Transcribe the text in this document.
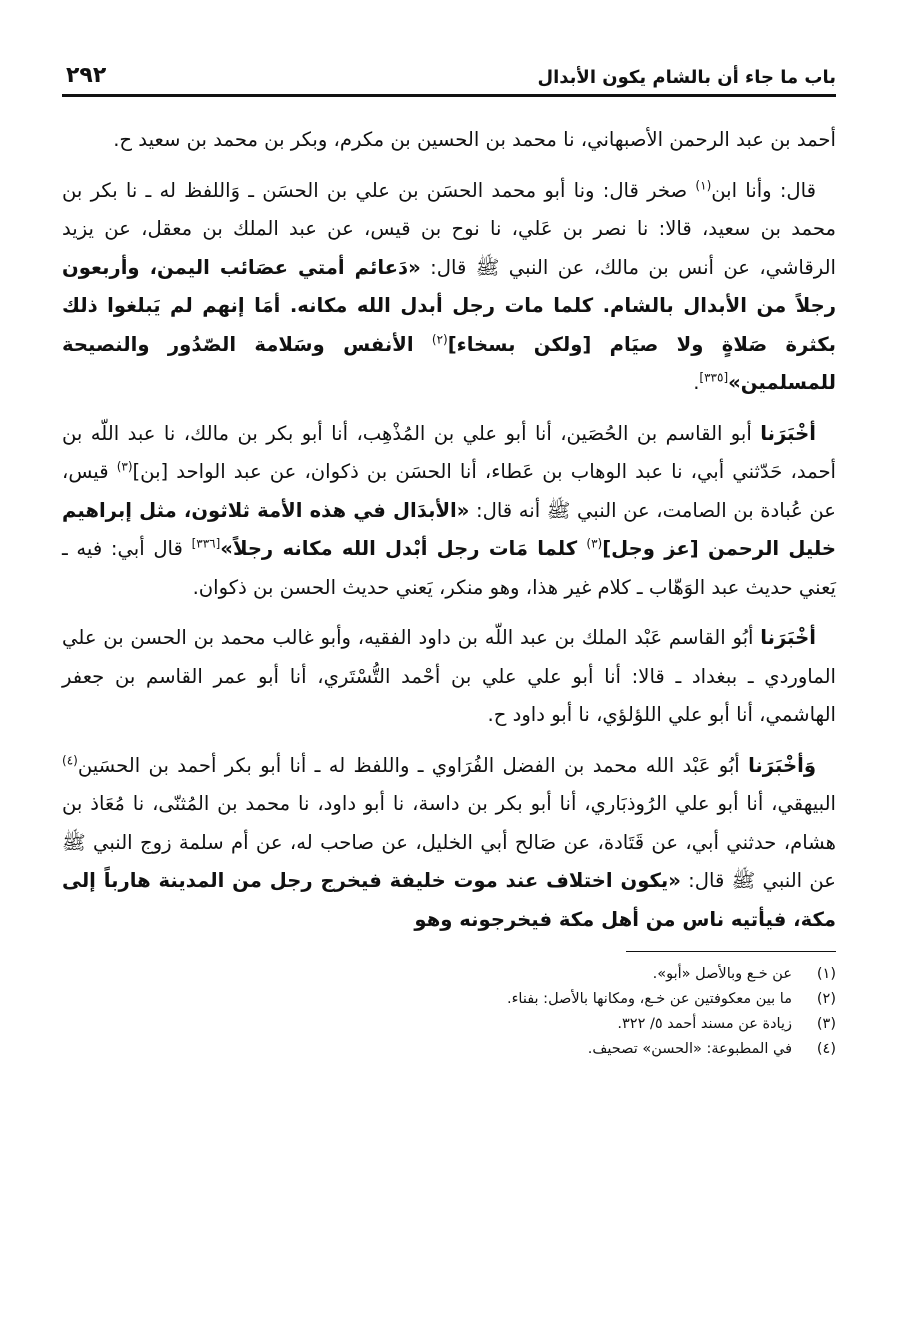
باب ما جاء أن بالشام يكون الأبدال
٢٩٢

أحمد بن عبد الرحمن الأصبهاني، نا محمد بن الحسين بن مكرم، وبكر بن محمد بن سعيد ح.

قال: وأنا ابن$^{(١)}$ صخر قال: ونا أبو محمد الحسَن بن علي بن الحسَن ـ وَاللفظ له ـ نا بكر بن محمد بن سعيد، قالا: نا نصر بن عَلي، نا نوح بن قيس، عن عبد الملك بن معقل، عن يزيد الرقاشي، عن أنس بن مالك، عن النبي ﷺ قال: «دَعائم أمتي عصَائب اليمن، وأربعون رجلاً من الأبدال بالشام. كلما مات رجل أبدل الله مكانه. أمَا إنهم لم يَبلغوا ذلك بكثرة صَلاةٍ ولا صيَام [ولكن بسخاء]$^{(٢)}$ الأنفس وسَلامة الصّدُور والنصيحة للمسلمين»[٣٣٥].

أخْبَرَنا أبو القاسم بن الحُصَين، أنا أبو علي بن المُذْهِب، أنا أبو بكر بن مالك، نا عبد اللّه بن أحمد، حَدّثني أبي، نا عبد الوهاب بن عَطاء، أنا الحسَن بن ذكوان، عن عبد الواحد [بن]$^{(٣)}$ قيس، عن عُبادة بن الصامت، عن النبي ﷺ أنه قال: «الأبدَال في هذه الأمة ثلاثون، مثل إبراهيم خليل الرحمن [عز وجل]$^{(٣)}$ كلما مَات رجل أبْدل الله مكانه رجلاً»[٣٣٦] قال أبي: فيه ـ يَعني حديث عبد الوَهّاب ـ كلام غير هذا، وهو منكر، يَعني حديث الحسن بن ذكوان.

أخْبَرَنا أبُو القاسم عَبْد الملك بن عبد اللّه بن داود الفقيه، وأبو غالب محمد بن الحسن بن علي الماوردي ـ ببغداد ـ قالا: أنا أبو علي علي بن أحْمد التُّسْتَري، أنا أبو عمر القاسم بن جعفر الهاشمي، أنا أبو علي اللؤلؤي، نا أبو داود ح.

وَأخْبَرَنا أبُو عَبْد الله محمد بن الفضل الفُرَاوي ـ واللفظ له ـ أنا أبو بكر أحمد بن الحسَين$^{(٤)}$ البيهقي، أنا أبو علي الرُوذبَاري، أنا أبو بكر بن داسة، نا أبو داود، نا محمد بن المُثنّى، نا مُعَاذ بن هشام، حدثني أبي، عن قَتَادة، عن صَالح أبي الخليل، عن صاحب له، عن أم سلمة زوج النبي ﷺ عن النبي ﷺ قال: «يكون اختلاف عند موت خليفة فيخرج رجل من المدينة هارباً إلى مكة، فيأتيه ناس من أهل مكة فيخرجونه وهو

(١)
عن خـع وبالأصل «أبو».
(٢)
ما بين معكوفتين عن خـع، ومكانها بالأصل: بفناء.
(٣)
زيادة عن مسند أحمد ٥/ ٣٢٢.
(٤)
في المطبوعة: «الحسن» تصحيف.
